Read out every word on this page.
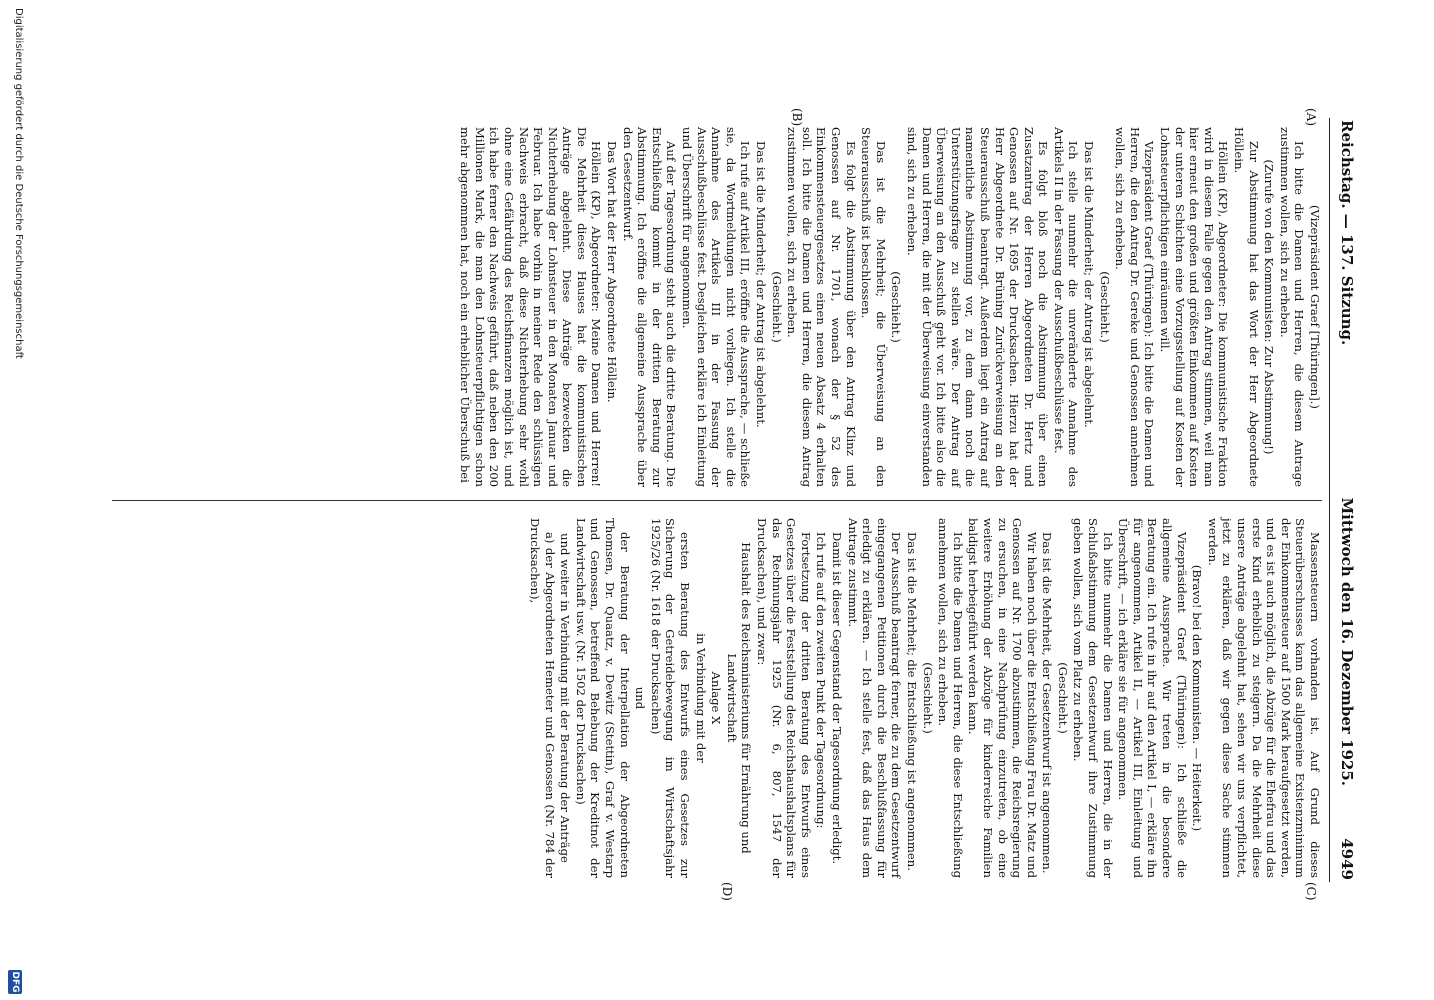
Reichstag. — 137. Sitzung.
Mittwoch den 16. Dezember 1925.          4949
(A)
(B)
(C)
(D)

(Vizepräsident Graef [Thüringen].)

Ich bitte die Damen und Herren, die diesem Antrage zustimmen wollen, sich zu erheben.

(Zurufe von den Kommunisten: Zur Abstimmung!)

Zur Abstimmung hat das Wort der Herr Abgeordnete Höllein.

Höllein (KP), Abgeordneter: Die kommunistische Fraktion wird in diesem Falle gegen den Antrag stimmen, weil man hier erneut den großen und größten Einkommen auf Kosten der unteren Schichten eine Vorzugsstellung auf Kosten der Lohnsteuerpflichtigen einräumen will.

Vizepräsident Graef (Thüringen): Ich bitte die Damen und Herren, die den Antrag Dr. Gereke und Genossen annehmen wollen, sich zu erheben.

(Geschieht.)

Das ist die Minderheit; der Antrag ist abgelehnt.

Ich stelle nunmehr die unveränderte Annahme des Artikels II in der Fassung der Ausschußbeschlüsse fest.

Es folgt bloß noch die Abstimmung über einen Zusatzantrag der Herren Abgeordneten Dr. Hertz und Genossen auf Nr. 1695 der Drucksachen. Hierzu hat der Herr Abgeordnete Dr. Brüning Zurückverweisung an den Steuerausschuß beantragt. Außerdem liegt ein Antrag auf namentliche Abstimmung vor, zu dem dann noch die Unterstützungsfrage zu stellen wäre. Der Antrag auf Überweisung an den Ausschuß geht vor. Ich bitte also die Damen und Herren, die mit der Überweisung einverstanden sind, sich zu erheben.

(Geschieht.)

Das ist die Mehrheit; die Überweisung an den Steuerausschuß ist beschlossen.

Es folgt die Abstimmung über den Antrag Klinz und Genossen auf Nr. 1701, wonach der § 52 des Einkommensteuergesetzes einen neuen Absatz 4 erhalten soll. Ich bitte die Damen und Herren, die diesem Antrag zustimmen wollen, sich zu erheben.

(Geschieht.)

Das ist die Minderheit; der Antrag ist abgelehnt.

Ich rufe auf Artikel III, eröffne die Aussprache, — schließe sie, da Wortmeldungen nicht vorliegen. Ich stelle die Annahme des Artikels III in der Fassung der Ausschußbeschlüsse fest. Desgleichen erkläre ich Einleitung und Überschrift für angenommen.

Auf der Tagesordnung steht auch die dritte Beratung. Die Entschließung kommt in der dritten Beratung zur Abstimmung. Ich eröffne die allgemeine Aussprache über den Gesetzentwurf.

Das Wort hat der Herr Abgeordnete Höllein.

Höllein (KP), Abgeordneter: Meine Damen und Herren! Die Mehrheit dieses Hauses hat die kommunistischen Anträge abgelehnt. Diese Anträge bezweckten die Nichterhebung der Lohnsteuer in den Monaten Januar und Februar. Ich habe vorhin in meiner Rede den schlüssigen Nachweis erbracht, daß diese Nichterhebung sehr wohl ohne eine Gefährdung des Reichsfinanzen möglich ist, und ich habe ferner den Nachweis geführt, daß neben den 200 Millionen Mark, die man den Lohnsteuerpflichtigen schon mehr abgenommen hat, noch ein erheblicher Überschuß bei

Massensteuern vorhanden ist. Auf Grund dieses Steuerüberschusses kann das allgemeine Existenzminimum der Einkommensteuer auf 1500 Mark heraufgesetzt werden, und es ist auch möglich, die Abzüge für die Ehefrau und das erste Kind erheblich zu steigern. Da die Mehrheit diese unsere Anträge abgelehnt hat, sehen wir uns verpflichtet, jetzt zu erklären, daß wir gegen diese Sache stimmen werden.

(Bravo! bei den Kommunisten. — Heiterkeit.)

Vizepräsident Graef (Thüringen): Ich schließe die allgemeine Aussprache. Wir treten in die besondere Beratung ein. Ich rufe in ihr auf den Artikel I, — erkläre ihn für angenommen, Artikel II, — Artikel III, Einleitung und Überschrift, — ich erkläre sie für angenommen.

Ich bitte nunmehr die Damen und Herren, die in der Schlußabstimmung dem Gesetzentwurf ihre Zustimmung geben wollen, sich vom Platz zu erheben.

(Geschieht.)

Das ist die Mehrheit, der Gesetzentwurf ist angenommen.

Wir haben noch über die Entschließung Frau Dr. Matz und Genossen auf Nr. 1700 abzustimmen, die Reichsregierung zu ersuchen, in eine Nachprüfung einzutreten, ob eine weitere Erhöhung der Abzüge für kinderreiche Familien baldigst herbeigeführt werden kann.

Ich bitte die Damen und Herren, die diese Entschließung annehmen wollen, sich zu erheben.

(Geschieht.)

Das ist die Mehrheit; die Entschließung ist angenommen.

Der Ausschuß beantragt ferner, die zu dem Gesetzentwurf eingegangenen Petitionen durch die Beschlußfassung für erledigt zu erklären. — Ich stelle fest, daß das Haus dem Antrage zustimmt.

Damit ist dieser Gegenstand der Tagesordnung erledigt.

Ich rufe auf den zweiten Punkt der Tagesordnung:

Fortsetzung der dritten Beratung des Entwurfs eines Gesetzes über die Feststellung des Reichshaushaltsplans für das Rechnungsjahr 1925 (Nr. 6, 807, 1547 der Drucksachen), und zwar:

Haushalt des Reichsministeriums für Ernährung und Landwirtschaft

Anlage X

in Verbindung mit der

ersten Beratung des Entwurfs eines Gesetzes zur Sicherung der Getreidebewegung im Wirtschaftsjahr 1925/26 (Nr. 1618 der Drucksachen)

und

der Beratung der Interpellation der Abgeordneten Thomsen, Dr. Quaatz, v. Dewitz (Stettin), Graf v. Westarp und Genossen, betreffend Behebung der Kreditnot der Landwirtschaft usw. (Nr. 1502 der Drucksachen)

und weiter in Verbindung mit der Beratung der Anträge

a) der Abgeordneten Hemeter und Genossen (Nr. 784 der Drucksachen),

Digitalisierung gefördert durch die Deutsche Forschungsgemeinschaft
DFG
